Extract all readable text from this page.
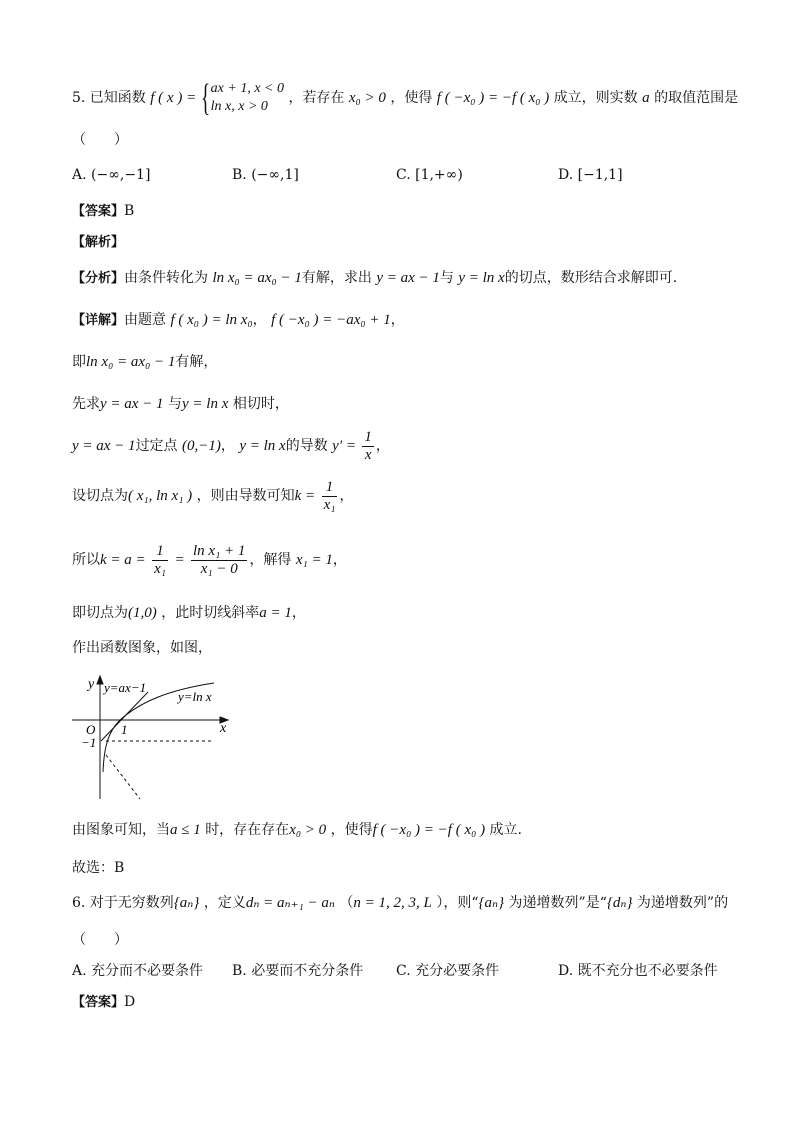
5. 已知函数 f ( x ) = { ax + 1, x < 0
ln x, x > 0
，若存在 x₀ > 0 ，使得 f ( −x₀ ) = −f ( x₀ ) 成立，则实数 a 的取值范围是
（　　）
A. (−∞,−1]	B. (−∞,1]	C. [1,+∞)	D. [−1,1]
【答案】B
【解析】
【分析】由条件转化为 ln x₀ = ax₀ − 1有解，求出 y = ax − 1与 y = ln x的切点，数形结合求解即可.
【详解】由题意 f ( x₀ ) = ln x₀， f ( −x₀ ) = −ax₀ + 1，
即ln x₀ = ax₀ − 1有解，
先求y = ax − 1 与y = ln x 相切时，
y = ax − 1过定点 (0,−1)， y = ln x的导数 $y' = \frac{1}{x}$ ，
设切点为( x₁, ln x₁ ) ，则由导数可知$k = \frac{1}{\text{x₁}}$ ，
所以$k = a = \frac{1}{\text{x₁}} = \frac{\text{ln x₁ + 1}}{\text{x₁ − 0}}$ ，解得 x₁ = 1，
即切点为(1,0) ，此时切线斜率a = 1，
作出函数图象，如图，
y y=ax−1
y=ln x
O 1	x
−1
由图象可知，当a ≤ 1 时，存在存在x₀ > 0 ，使得f ( −x₀ ) = −f ( x₀ ) 成立.
故选：B
6. 对于无穷数列{aₙ} ，定义dₙ = aₙ₊₁ − aₙ （n = 1, 2, 3, L ），则“{aₙ} 为递增数列”是“{dₙ} 为递增数列”的
（　　）
A. 充分而不必要条件 B. 必要而不充分条件 C. 充分必要条件	D. 既不充分也不必要条件
【答案】D
